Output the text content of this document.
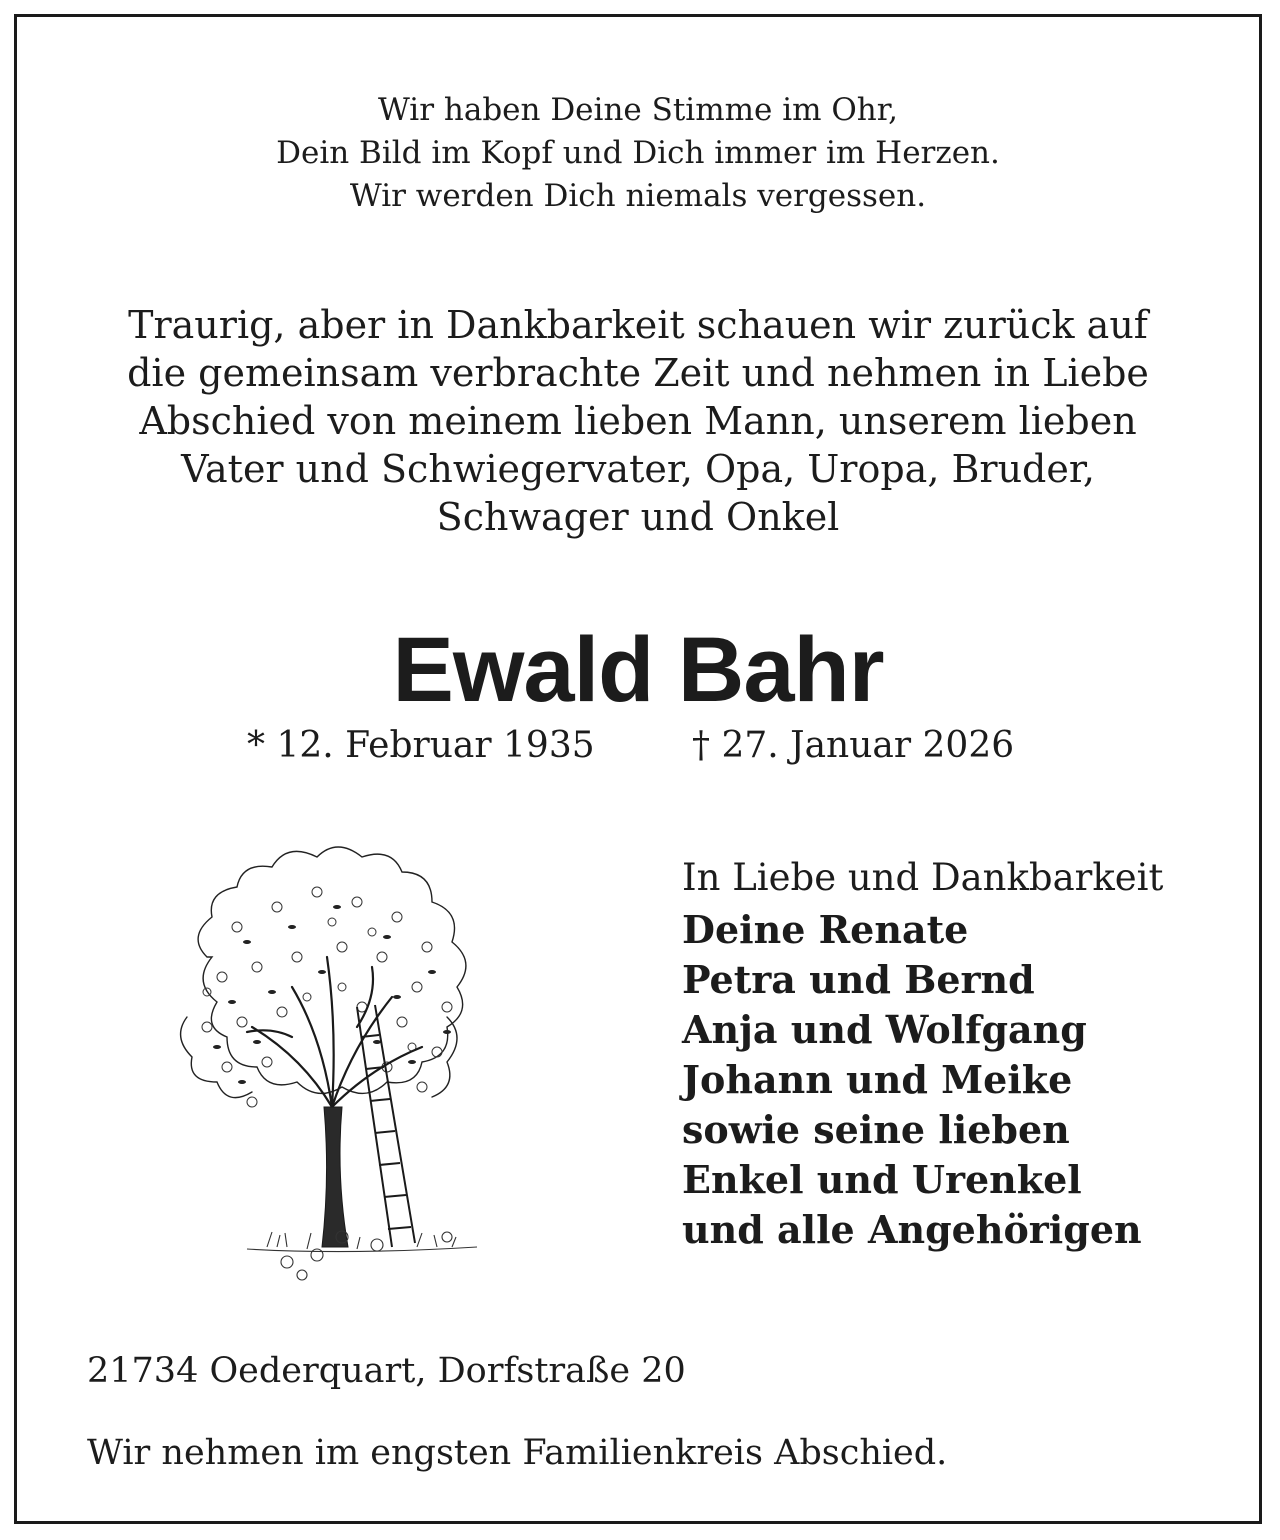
Wir haben Deine Stimme im Ohr,
Dein Bild im Kopf und Dich immer im Herzen.
Wir werden Dich niemals vergessen.
Traurig, aber in Dankbarkeit schauen wir zurück auf
die gemeinsam verbrachte Zeit und nehmen in Liebe
Abschied von meinem lieben Mann, unserem lieben
Vater und Schwiegervater, Opa, Uropa, Bruder,
Schwager und Onkel
Ewald Bahr
* 12. Februar 1935	† 27. Januar 2026
In Liebe und Dankbarkeit
Deine Renate
Petra und Bernd
Anja und Wolfgang
Johann und Meike
sowie seine lieben
Enkel und Urenkel
und alle Angehörigen
21734 Oederquart, Dorfstraße 20
Wir nehmen im engsten Familienkreis Abschied.
